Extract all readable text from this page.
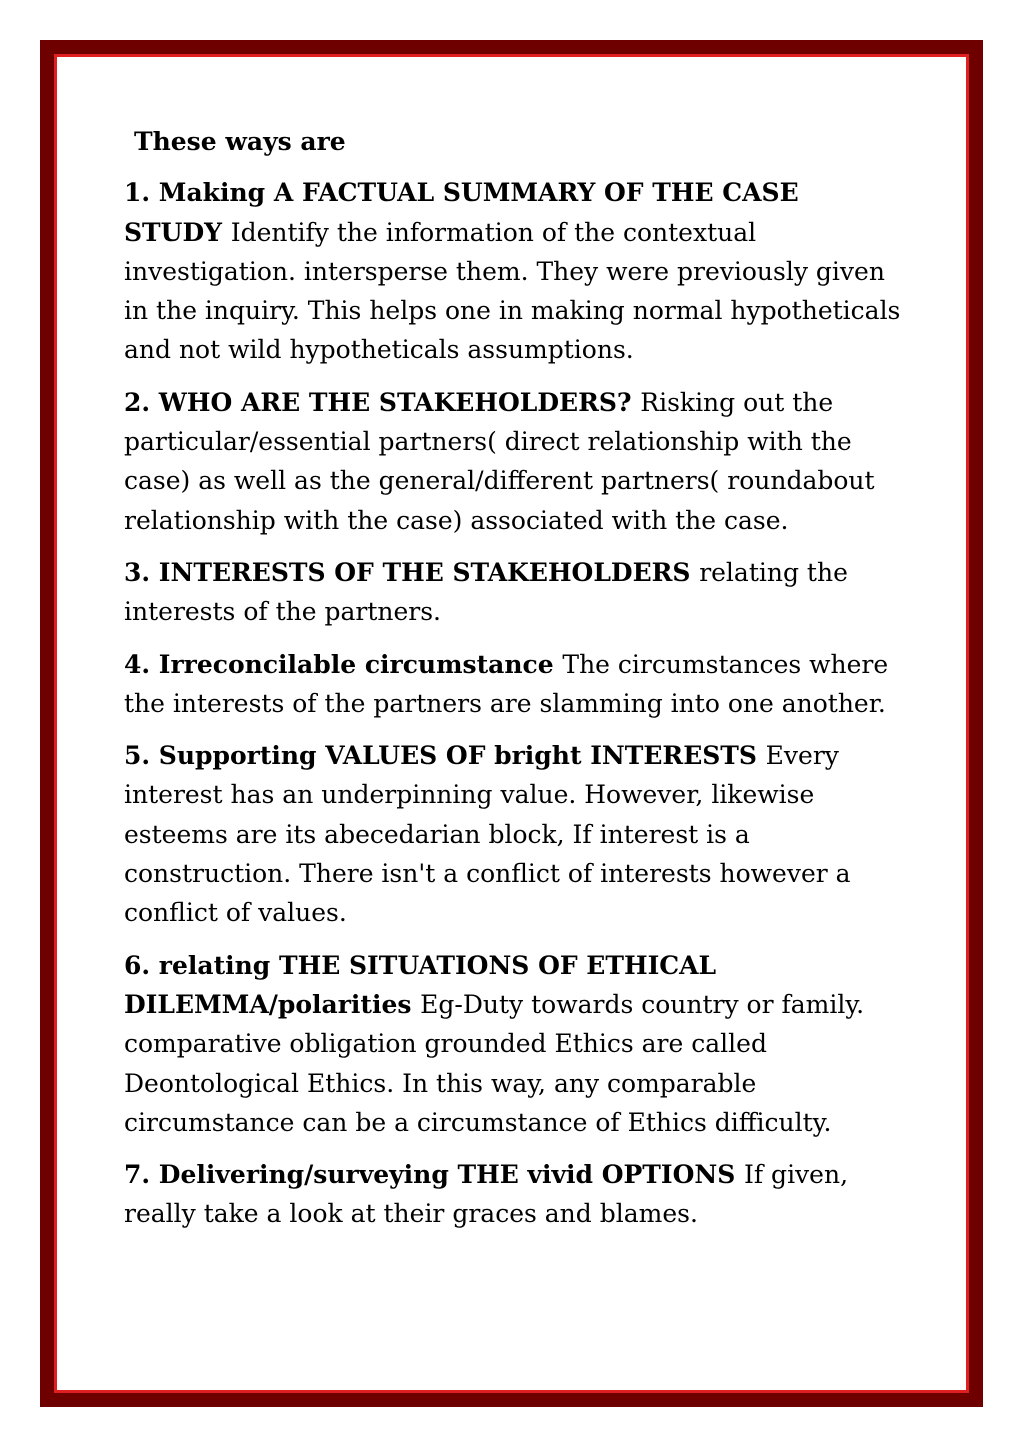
These ways are
1. Making A FACTUAL SUMMARY OF THE CASE STUDY Identify the information of the contextual investigation. intersperse them. They were previously given in the inquiry. This helps one in making normal hypotheticals and not wild hypotheticals assumptions.
2. WHO ARE THE STAKEHOLDERS? Risking out the particular/essential partners( direct relationship with the case) as well as the general/different partners( roundabout relationship with the case) associated with the case.
3. INTERESTS OF THE STAKEHOLDERS relating the interests of the partners.
4. Irreconcilable circumstance The circumstances where the interests of the partners are slamming into one another.
5. Supporting VALUES OF bright INTERESTS Every interest has an underpinning value. However, likewise esteems are its abecedarian block, If interest is a construction. There isn't a conflict of interests however a conflict of values.
6. relating THE SITUATIONS OF ETHICAL DILEMMA/polarities Eg-Duty towards country or family. comparative obligation grounded Ethics are called Deontological Ethics. In this way, any comparable circumstance can be a circumstance of Ethics difficulty.
7. Delivering/surveying THE vivid OPTIONS If given, really take a look at their graces and blames.
